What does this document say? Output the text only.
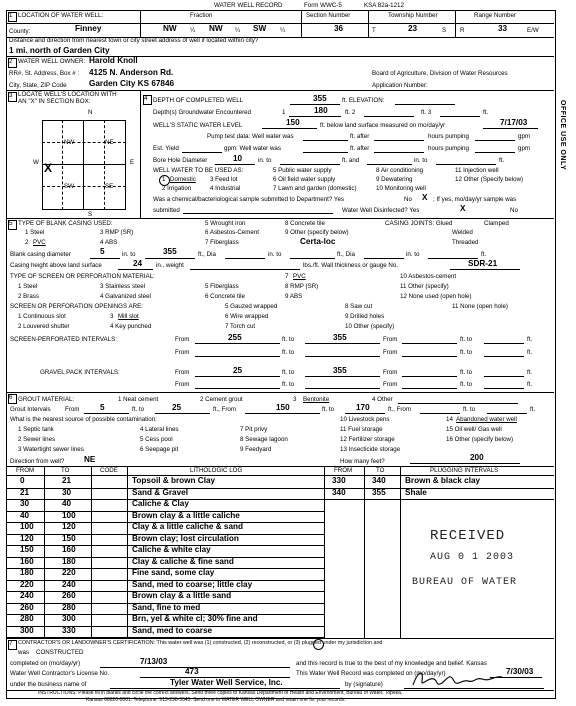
WATER WELL RECORD	Form WWC-5	KSA 82a-1212
1 LOCATION OF WATER WELL:
County:	Finney
Fraction
NW ¼ NW ¼ SW ¼
Section Number
36
Township Number
T	23	S
Range Number
R	33	E/W
Distance and direction from nearest town or city street address of well if located within city?
1 mi. north of Garden City
2 WATER WELL OWNER: Harold Knoll
RR#, St. Address, Box # : 4125 N. Anderson Rd.
City, State, ZIP Code	Garden City KS 67846
Board of Agriculture, Division of Water Resources
Application Number:
3 LOCATE WELL'S LOCATION WITH
AN "X" IN SECTION BOX:
N
S
W	E
NW	NE
SW	SE
X
4 DEPTH OF COMPLETED WELL	355 ft. ELEVATION:
Depth(s) Groundwater Encountered	1	180	ft. 2	ft. 3	ft.
WELL'S STATIC WATER LEVEL	150	ft. below land surface measured on mo/day/yr	7/17/03
Pump test data: Well water was	ft. after	hours pumping	gpm
Est. Yield	gpm: Well water was	ft. after	hours pumping	gpm
Bore Hole Diameter	10	in. to	ft. and	in. to	ft.
WELL WATER TO BE USED AS:	5 Public water supply	8 Air conditioning	11 Injection well
1 Domestic 3 Feed lot	6 Oil field water supply	9 Dewatering	12 Other (Specify below)
2 Irrigation	4 Industrial	7 Lawn and garden (domestic)	10 Monitoring well
Was a chemical/bacteriological sample submitted to Department? Yes	No X ; If yes, mo/day/yr sample was
submitted	Water Well Disinfected? Yes	X	No
5 TYPE OF BLANK CASING USED:	5 Wrought iron	8 Concrete tile	CASING JOINTS: Glued	Clamped
1 Steel	3 RMP (SR)	6 Asbestos-Cement	9 Other (specify below)	Welded
2 PVC	4 ABS	7 Fiberglass	Certa-loc	Threaded
Blank casing diameter	5	in. to	355	ft., Dia	in. to	ft., Dia	in. to	ft.
Casing height above land surface	24 in., weight	lbs./ft. Wall thickness or gauge No.	SDR-21
TYPE OF SCREEN OR PERFORATION MATERIAL:	7 PVC	10 Asbestos-cement
1 Steel	3 Stainless steel	5 Fiberglass	8 RMP (SR)	11 Other (specify)
2 Brass	4 Galvanized steel	6 Concrete tile	9 ABS	12 None used (open hole)
SCREEN OR PERFORATION OPENINGS ARE:	5 Gauzed wrapped	8 Saw cut	11 None (open hole)
1 Continuous slot	3 Mill slot	6 Wire wrapped	9 Drilled holes
2 Louvered shutter	4 Key punched	7 Torch cut	10 Other (specify)
SCREEN-PERFORATED INTERVALS:	From	255	ft. to	355	From	ft. to	ft.
From	ft. to	From	ft. to	ft.
GRAVEL PACK INTERVALS:	From	25	ft. to	355	From	ft. to	ft.
From	ft. to	From	ft. to	ft.
6 GROUT MATERIAL:	1 Neat cement	2 Cement grout	3 Bentonite	4 Other
Grout Intervals From	5	ft. to	25	ft., From	150	ft. to	170	ft., From	ft. to	ft.
What is the nearest source of possible contamination:	10 Livestock pens	14 Abandoned water well
1 Septic tank	4 Lateral lines	7 Pit privy	11 Fuel storage	15 Oil well/ Gas well
2 Sewer lines	5 Cess pool	8 Sewage lagoon	12 Fertilizer storage	16 Other (specify below)
3 Watertight sewer lines	6 Seepage pit	9 Feedyard	13 Insecticide storage
200
Direction from well? NE	How many feet?
FROM	TO	CODE	LITHOLOGIC LOG	FROM	TO	PLUGGING INTERVALS
0	21	Topsoil & brown Clay
21	30	Sand & Gravel
30	40	Caliche & Clay
40	100	Brown clay & a little caliche
100	120	Clay & a little caliche & sand
120	150	Brown clay; lost circulation
150	160	Caliche & white clay
160	180	Clay & caliche & fine sand
180	220	Fine sand, some clay
220	240	Sand, med to coarse; little clay
240	260	Brown clay & a little sand
260	280	Sand, fine to med
280	300	Brn, yel & white cl; 30% fine and
300	330	Sand, med to coarse
330	340 Brown & black clay
340	355 Shale
RECEIVED
AUG 0 1 2003
BUREAU OF WATER
7 CONTRACTOR'S OR LANDOWNER'S CERTIFICATION: This water well was (1) constructed, (2) reconstructed, or (3) plugged under my jurisdiction and
was CONSTRUCTED
completed on (mo/day/yr)	7/13/03	and this record is true to the best of my knowledge and belief. Kansas
Water Well Contractor's License No.	473	This Water Well Record was completed on (mo/day/yr)	7/30/03
under the business name of	Tyler Water Well Service, Inc.	by (signature)
INSTRUCTIONS: Please fill in blanks and circle the correct answers. Send three copies to Kansas Department of Health and Environment, Bureau of Water, Topeka,
Kansas 66620-0001. Telephone: 913-296-5545. Send one to WATER WELL OWNER and retain one for your records.
OFFICE USE ONLY
